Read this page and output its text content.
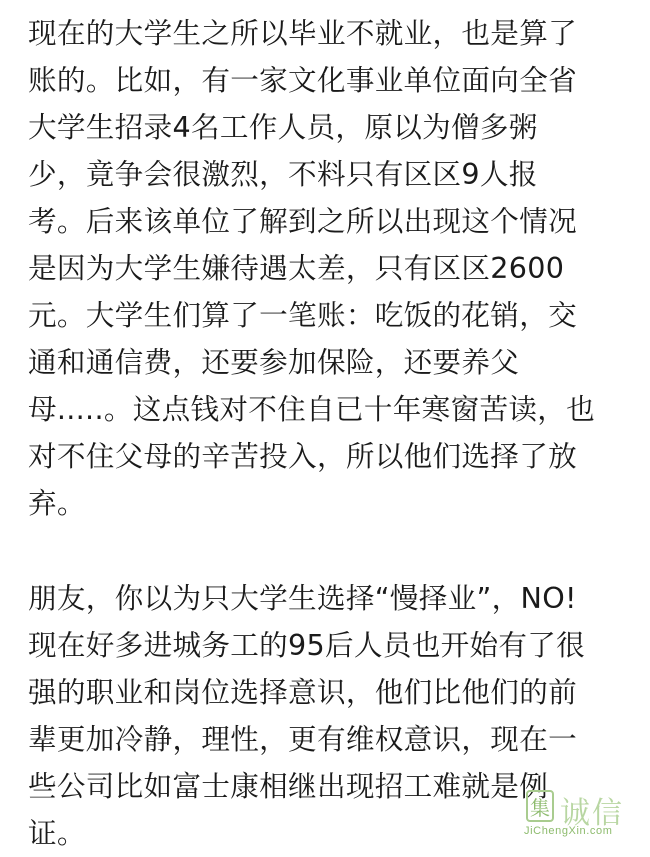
现在的大学生之所以毕业不就业，也是算了
账的。比如，有一家文化事业单位面向全省
大学生招录4名工作人员，原以为僧多粥
少，竟争会很激烈，不料只有区区9人报
考。后来该单位了解到之所以出现这个情况
是因为大学生嫌待遇太差，只有区区2600
元。大学生们算了一笔账：吃饭的花销，交
通和通信费，还要参加保险，还要养父
母.....。这点钱对不住自已十年寒窗苦读，也
对不住父母的辛苦投入，所以他们选择了放
弃。
朋友，你以为只大学生选择“慢择业”，NO!
现在好多进城务工的95后人员也开始有了很
强的职业和岗位选择意识，他们比他们的前
辈更加冷静，理性，更有维权意识，现在一
些公司比如富士康相继出现招工难就是例
证。
集 诚信
JiChengXin.com
